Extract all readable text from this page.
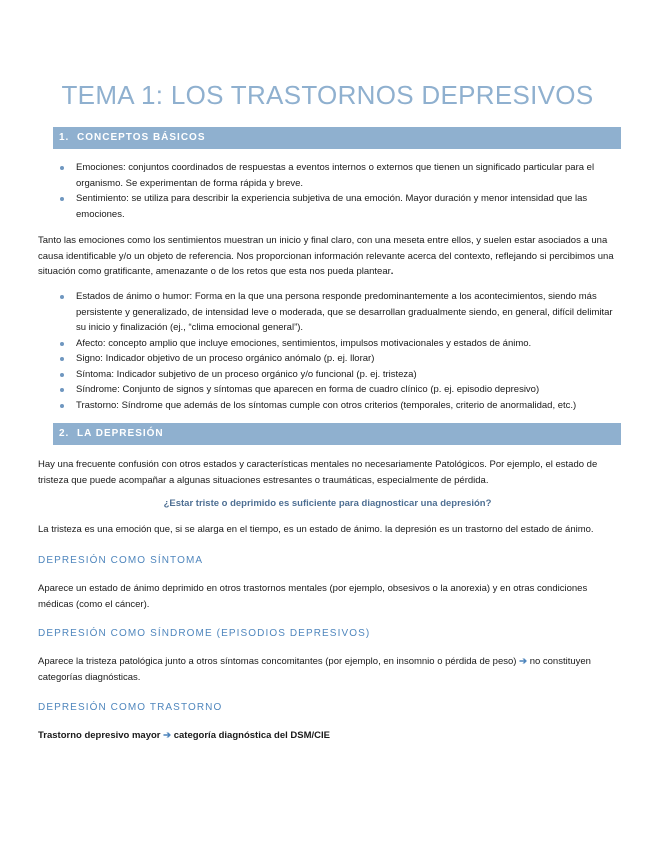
TEMA 1: LOS TRASTORNOS DEPRESIVOS
1. CONCEPTOS BÁSICOS
Emociones: conjuntos coordinados de respuestas a eventos internos o externos que tienen un significado particular para el organismo. Se experimentan de forma rápida y breve.
Sentimiento: se utiliza para describir la experiencia subjetiva de una emoción. Mayor duración y menor intensidad que las emociones.

Tanto las emociones como los sentimientos muestran un inicio y final claro, con una meseta entre ellos, y suelen estar asociados a una causa identificable y/o un objeto de referencia. Nos proporcionan información relevante acerca del contexto, reflejando si percibimos una situación como gratificante, amenazante o de los retos que esta nos pueda plantear.

Estados de ánimo o humor: Forma en la que una persona responde predominantemente a los acontecimientos, siendo más persistente y generalizado, de intensidad leve o moderada, que se desarrollan gradualmente siendo, en general, difícil delimitar su inicio y finalización (ej., “clima emocional general”).
Afecto: concepto amplio que incluye emociones, sentimientos, impulsos motivacionales y estados de ánimo.
Signo: Indicador objetivo de un proceso orgánico anómalo (p. ej. llorar)
Síntoma: Indicador subjetivo de un proceso orgánico y/o funcional (p. ej. tristeza)
Síndrome: Conjunto de signos y síntomas que aparecen en forma de cuadro clínico (p. ej. episodio depresivo)
Trastorno: Síndrome que además de los síntomas cumple con otros criterios (temporales, criterio de anormalidad, etc.)
2. LA DEPRESIÓN

Hay una frecuente confusión con otros estados y características mentales no necesariamente Patológicos. Por ejemplo, el estado de tristeza que puede acompañar a algunas situaciones estresantes o traumáticas, especialmente de pérdida.

¿Estar triste o deprimido es suficiente para diagnosticar una depresión?

La tristeza es una emoción que, si se alarga en el tiempo, es un estado de ánimo. la depresión es un trastorno del estado de ánimo.

DEPRESIÓN COMO SÍNTOMA

Aparece un estado de ánimo deprimido en otros trastornos mentales (por ejemplo, obsesivos o la anorexia) y en otras condiciones médicas (como el cáncer).

DEPRESIÓN COMO SÍNDROME (EPISODIOS DEPRESIVOS)

Aparece la tristeza patológica junto a otros síntomas concomitantes (por ejemplo, en insomnio o pérdida de peso) ➔ no constituyen categorías diagnósticas.

DEPRESIÓN COMO TRASTORNO

Trastorno depresivo mayor ➔ categoría diagnóstica del DSM/CIE
